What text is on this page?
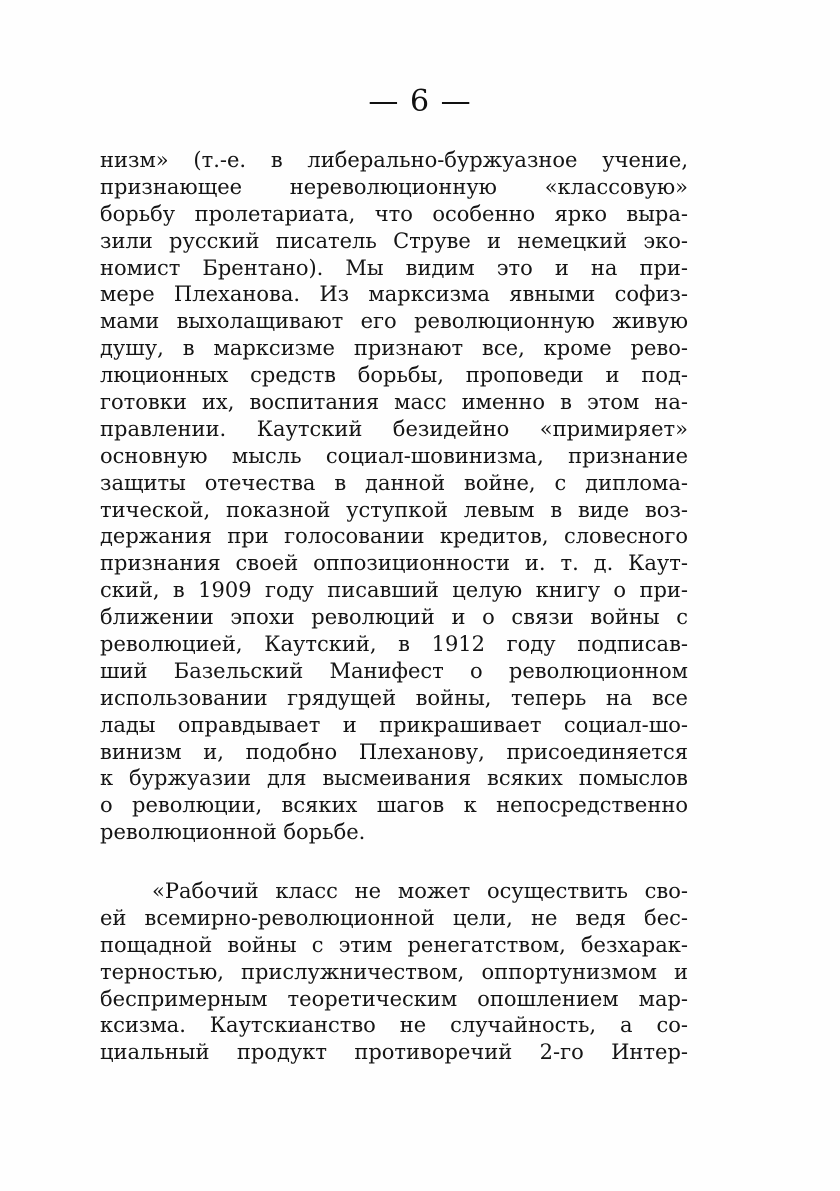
— 6 —
низм» (т.-е. в либерально-буржуазное учение,
признающее нереволюционную «классовую»
борьбу пролетариата, что особенно ярко выра-
зили русский писатель Струве и немецкий эко-
номист Брентано). Мы видим это и на при-
мере Плеханова. Из марксизма явными софиз-
мами выхолащивают его революционную живую
душу, в марксизме признают все, кроме рево-
люционных средств борьбы, проповеди и под-
готовки их, воспитания масс именно в этом на-
правлении. Каутский безидейно «примиряет»
основную мысль социал-шовинизма, признание
защиты отечества в данной войне, с диплома-
тической, показной уступкой левым в виде воз-
держания при голосовании кредитов, словесного
признания своей оппозиционности и. т. д. Каут-
ский, в 1909 году писавший целую книгу о при-
ближении эпохи революций и о связи войны с
революцией, Каутский, в 1912 году подписав-
ший Базельский Манифест о революционном
использовании грядущей войны, теперь на все
лады оправдывает и прикрашивает социал-шо-
винизм и, подобно Плеханову, присоединяется
к буржуазии для высмеивания всяких помыслов
о революции, всяких шагов к непосредственно
революционной борьбе.
«Рабочий класс не может осуществить сво-
ей всемирно-революционной цели, не ведя бес-
пощадной войны с этим ренегатством, безхарак-
терностью, прислужничеством, оппортунизмом и
беспримерным теоретическим опошлением мар-
ксизма. Каутскианство не случайность, а со-
циальный продукт противоречий 2-го Интер-
